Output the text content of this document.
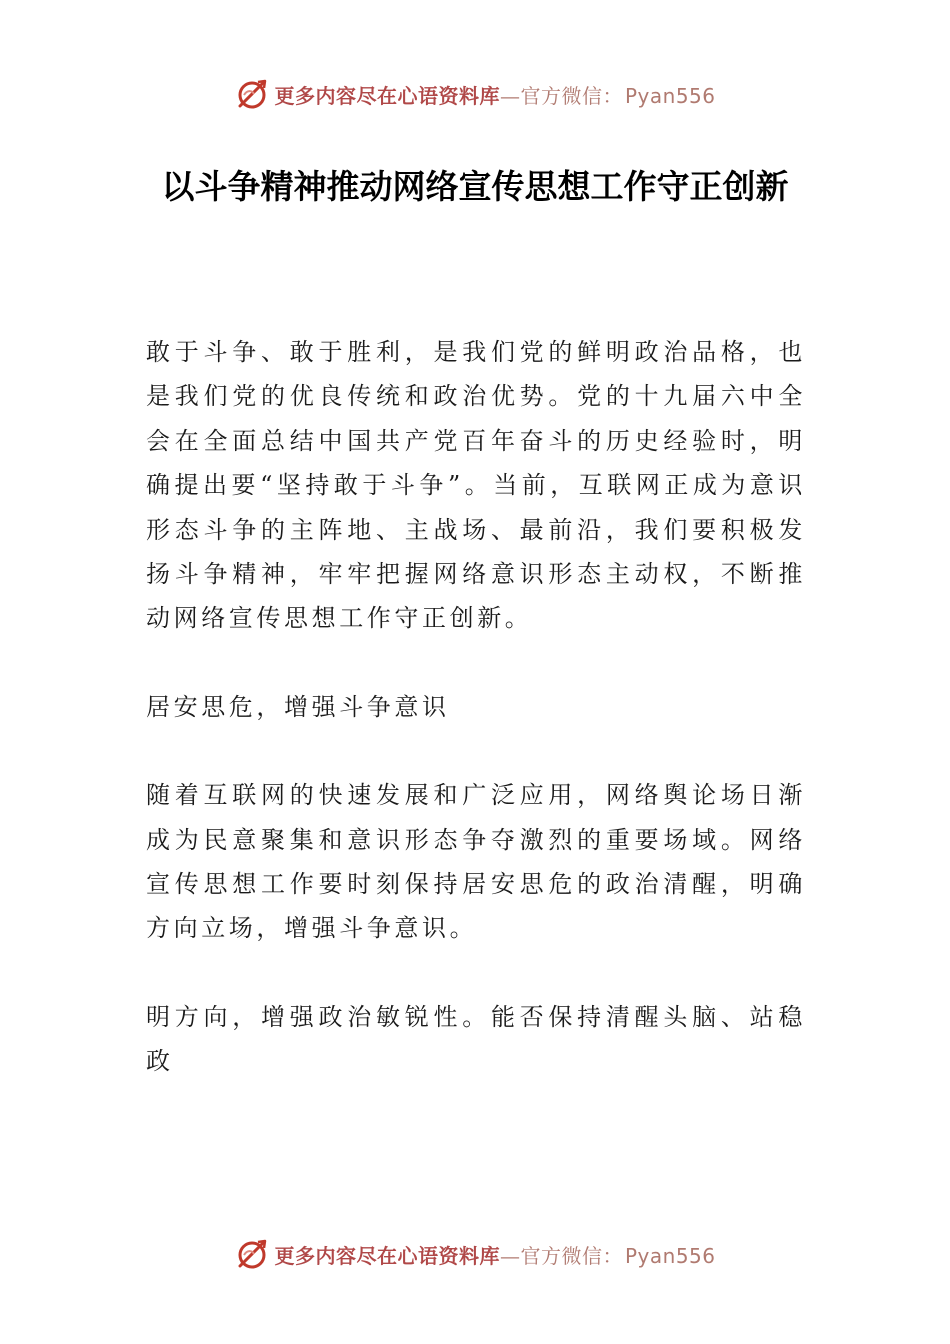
更多内容尽在心语资料库—官方微信： Pyan556
以斗争精神推动网络宣传思想工作守正创新

敢于斗争、敢于胜利，是我们党的鲜明政治品格，也是我们党的优良传统和政治优势。党的十九届六中全会在全面总结中国共产党百年奋斗的历史经验时，明确提出要“坚持敢于斗争”。当前，互联网正成为意识形态斗争的主阵地、主战场、最前沿，我们要积极发扬斗争精神，牢牢把握网络意识形态主动权，不断推动网络宣传思想工作守正创新。

居安思危，增强斗争意识

随着互联网的快速发展和广泛应用，网络舆论场日渐成为民意聚集和意识形态争夺激烈的重要场域。网络宣传思想工作要时刻保持居安思危的政治清醒，明确方向立场，增强斗争意识。

明方向，增强政治敏锐性。能否保持清醒头脑、站稳政

更多内容尽在心语资料库—官方微信： Pyan556
